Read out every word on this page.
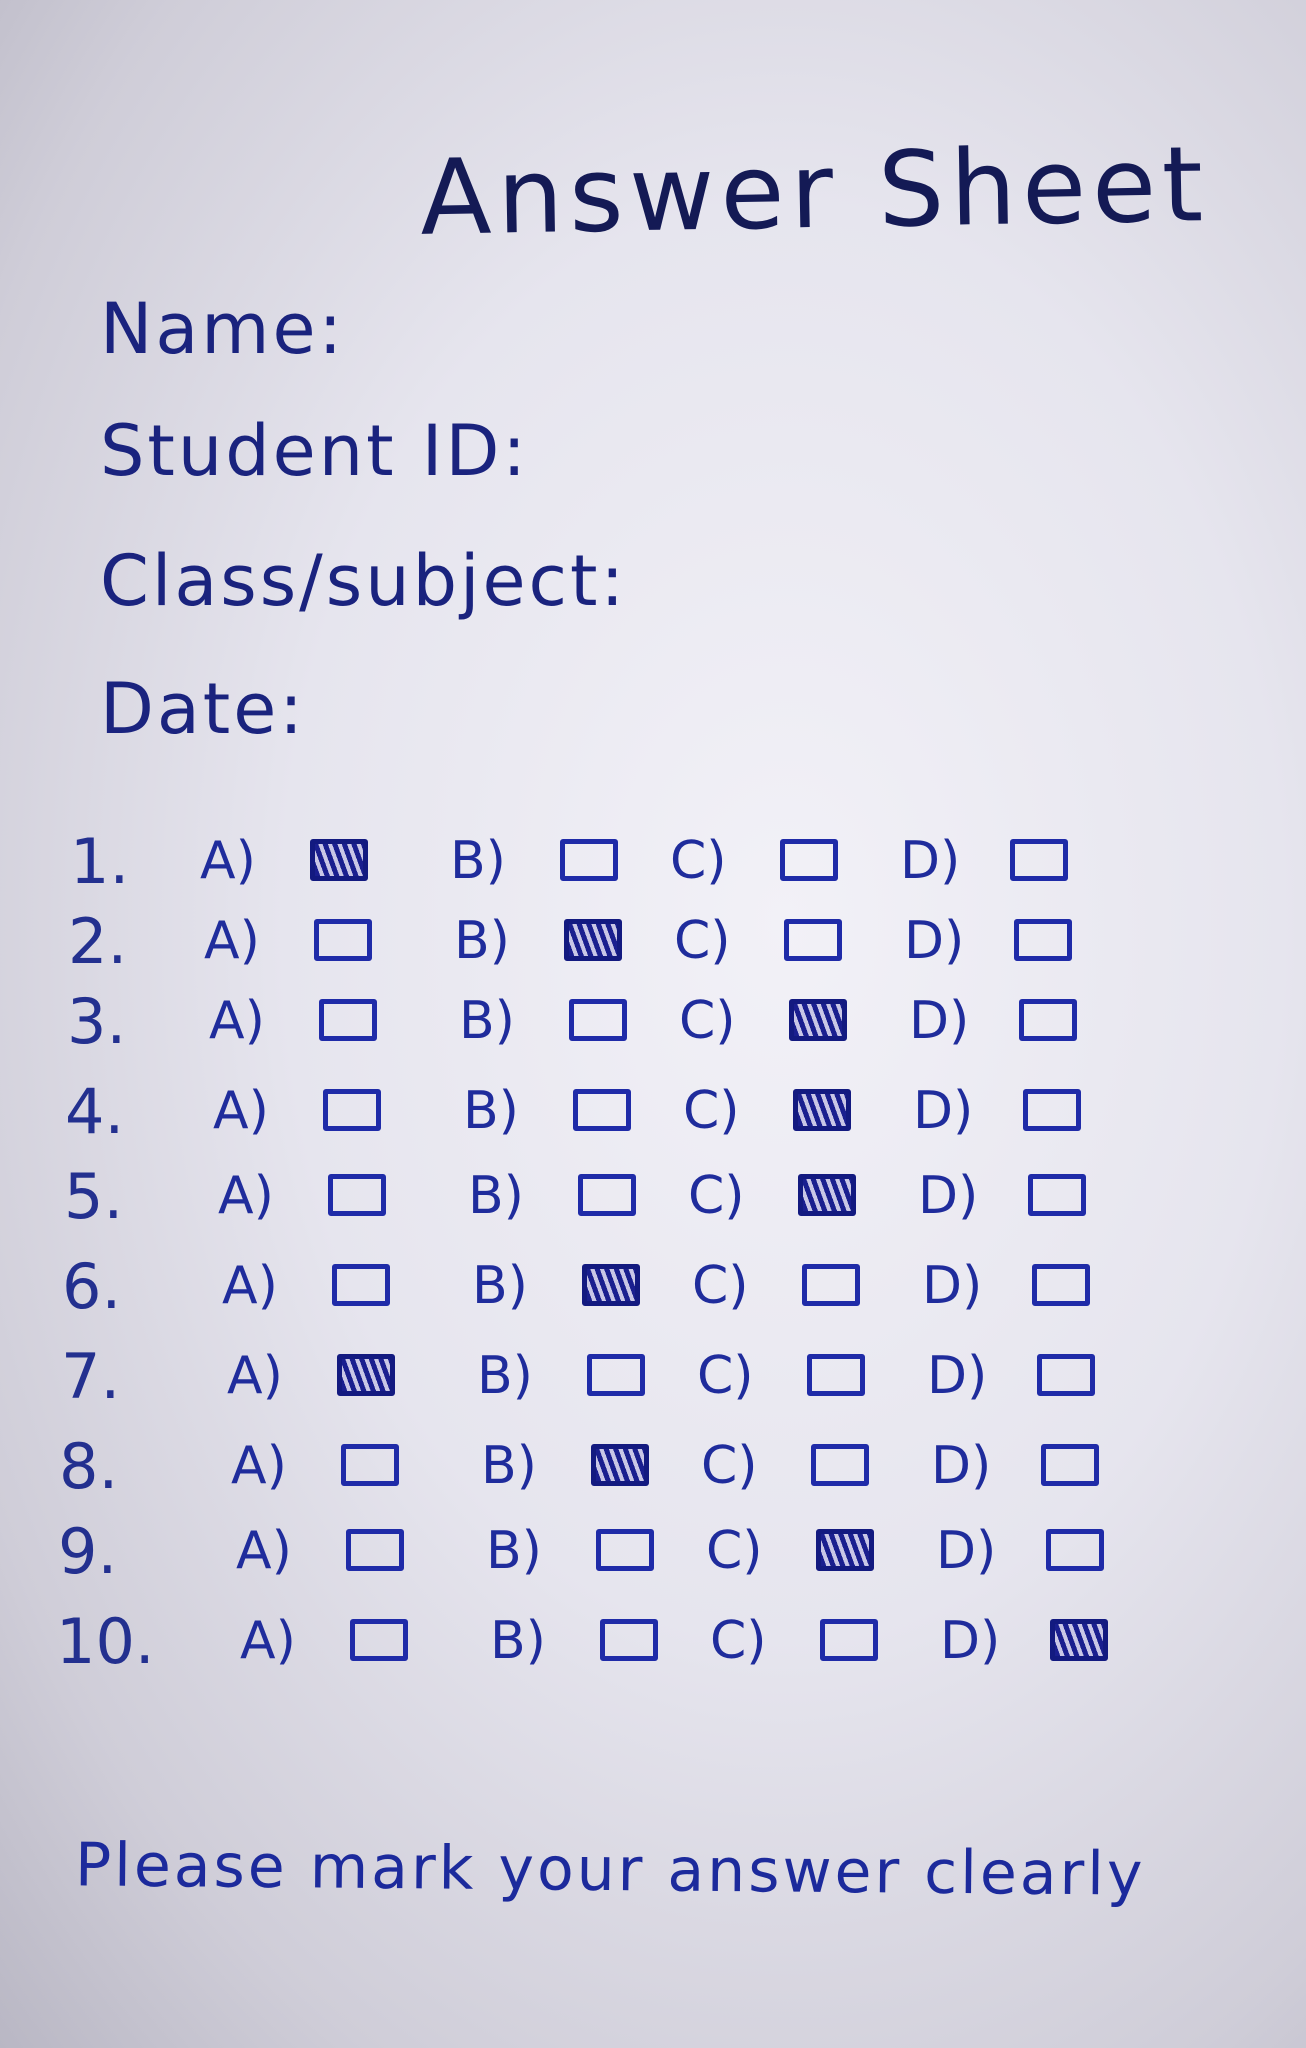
Answer Sheet
Name:
Student ID:
Class/subject:
Date:
1. A)	B)	C)	D)
2. A)	B)	C)	D)
3. A)	B)	C)	D)
4. A)	B)	C)	D)
5. A)	B)	C)	D)
6. A)	B)	C)	D)
7. A)	B)	C)	D)
8. A)	B)	C)	D)
9. A)	B)	C)	D)
10. A)	B)	C)	D)
Please mark your answer clearly
